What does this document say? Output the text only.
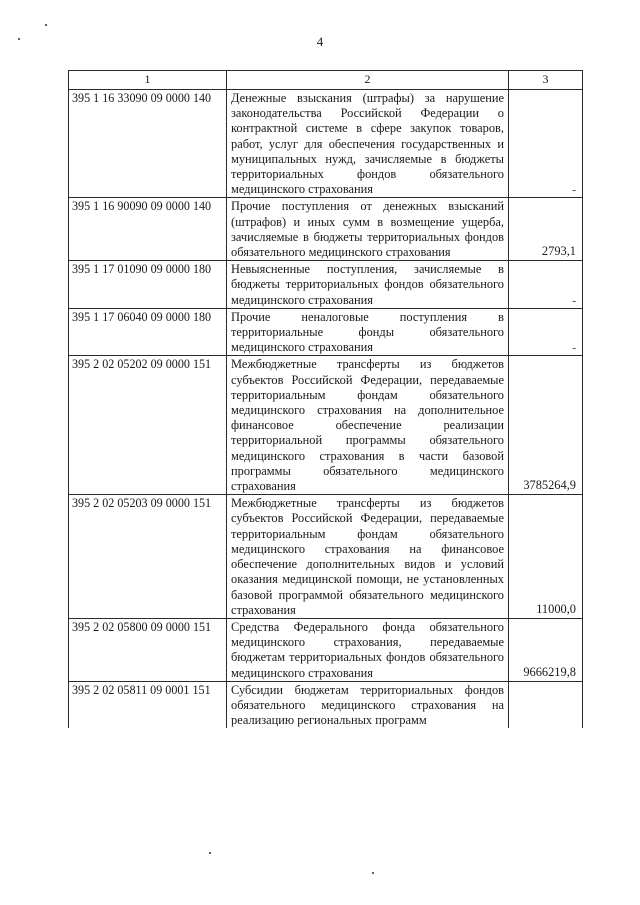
4
1	2	3
395 1 16 33090 09 0000 140	Денежные взыскания (штрафы) за нарушение законодательства Российской Федерации о контрактной системе в сфере закупок товаров, работ, услуг для обеспечения государственных и муниципальных нужд, зачисляемые в бюджеты территориальных фондов обязательного медицинского страхования	-
395 1 16 90090 09 0000 140	Прочие поступления от денежных взысканий (штрафов) и иных сумм в возмещение ущерба, зачисляемые в бюджеты территориальных фондов обязательного медицинского страхования	2793,1
395 1 17 01090 09 0000 180	Невыясненные поступления, зачисляемые в бюджеты территориальных фондов обязательного медицинского страхования	-
395 1 17 06040 09 0000 180	Прочие неналоговые поступления в территориальные фонды обязательного медицинского страхования	-
395 2 02 05202 09 0000 151	Межбюджетные трансферты из бюджетов субъектов Российской Федерации, передаваемые территориальным фондам обязательного медицинского страхования на дополнительное финансовое обеспечение реализации территориальной программы обязательного медицинского страхования в части базовой программы обязательного медицинского страхования	3785264,9
395 2 02 05203 09 0000 151	Межбюджетные трансферты из бюджетов субъектов Российской Федерации, передаваемые территориальным фондам обязательного медицинского страхования на финансовое обеспечение дополнительных видов и условий оказания медицинской помощи, не установленных базовой программой обязательного медицинского страхования	11000,0
395 2 02 05800 09 0000 151	Средства Федерального фонда обязательного медицинского страхования, передаваемые бюджетам территориальных фондов обязательного медицинского страхования	9666219,8
395 2 02 05811 09 0001 151	Субсидии бюджетам территориальных фондов обязательного медицинского страхования на реализацию региональных программ	
